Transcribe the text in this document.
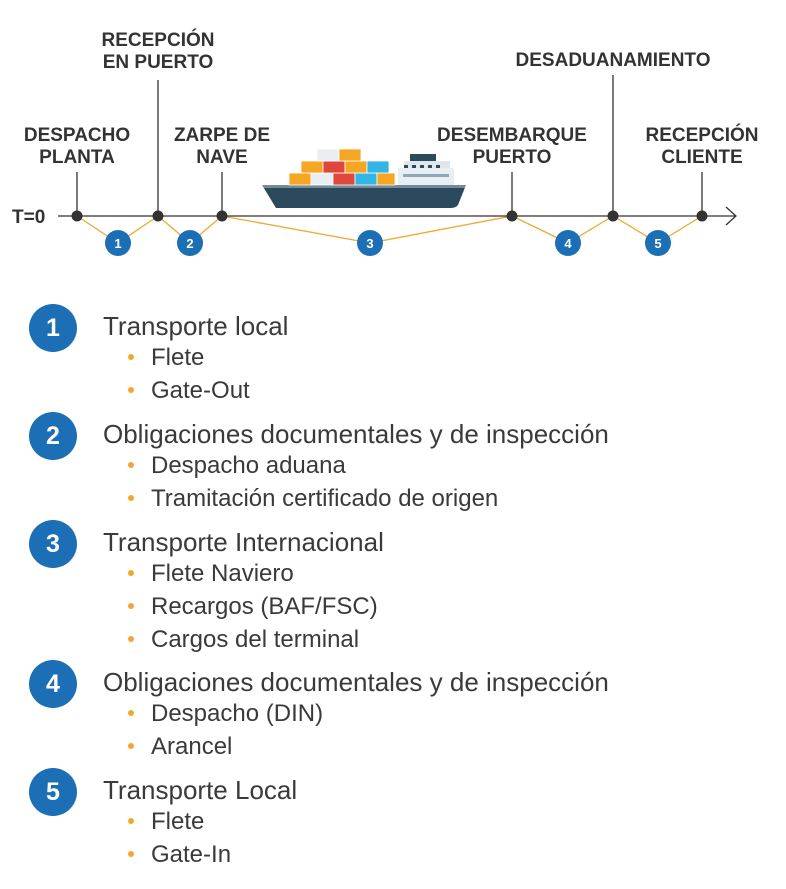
T=0
DESPACHO
PLANTA
RECEPCIÓN
EN PUERTO
ZARPE DE
NAVE
DESEMBARQUE
PUERTO
DESADUANAMIENTO
RECEPCIÓN
CLIENTE
1	2	3	4	5
1	Transporte local
Flete
Gate-Out
2	Obligaciones documentales y de inspección
Despacho aduana
Tramitación certificado de origen
3	Transporte Internacional
Flete Naviero
Recargos (BAF/FSC)
Cargos del terminal
4	Obligaciones documentales y de inspección
Despacho (DIN)
Arancel
5	Transporte Local
Flete
Gate-In
